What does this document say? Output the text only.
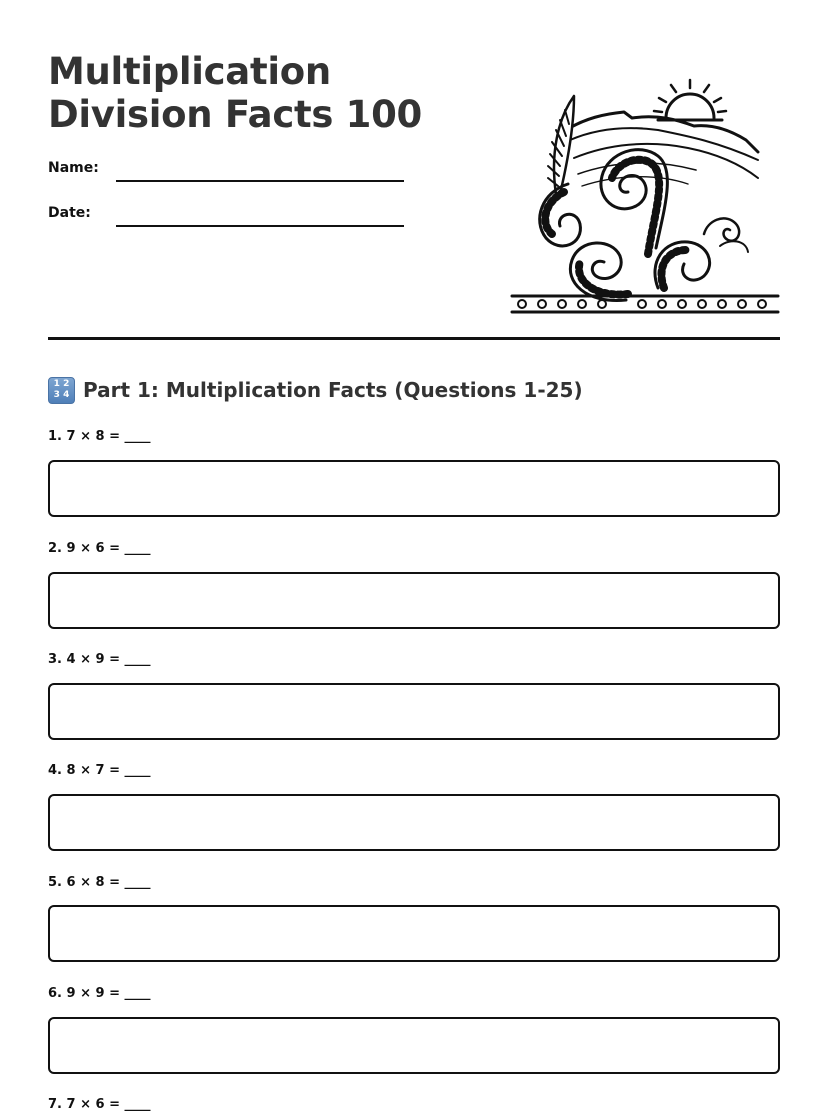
Multiplication Division Facts 100
Name:
Date:
1 2
3 4 Part 1: Multiplication Facts (Questions 1-25)
1. 7 × 8 = ____
2. 9 × 6 = ____
3. 4 × 9 = ____
4. 8 × 7 = ____
5. 6 × 8 = ____
6. 9 × 9 = ____
7. 7 × 6 = ____
